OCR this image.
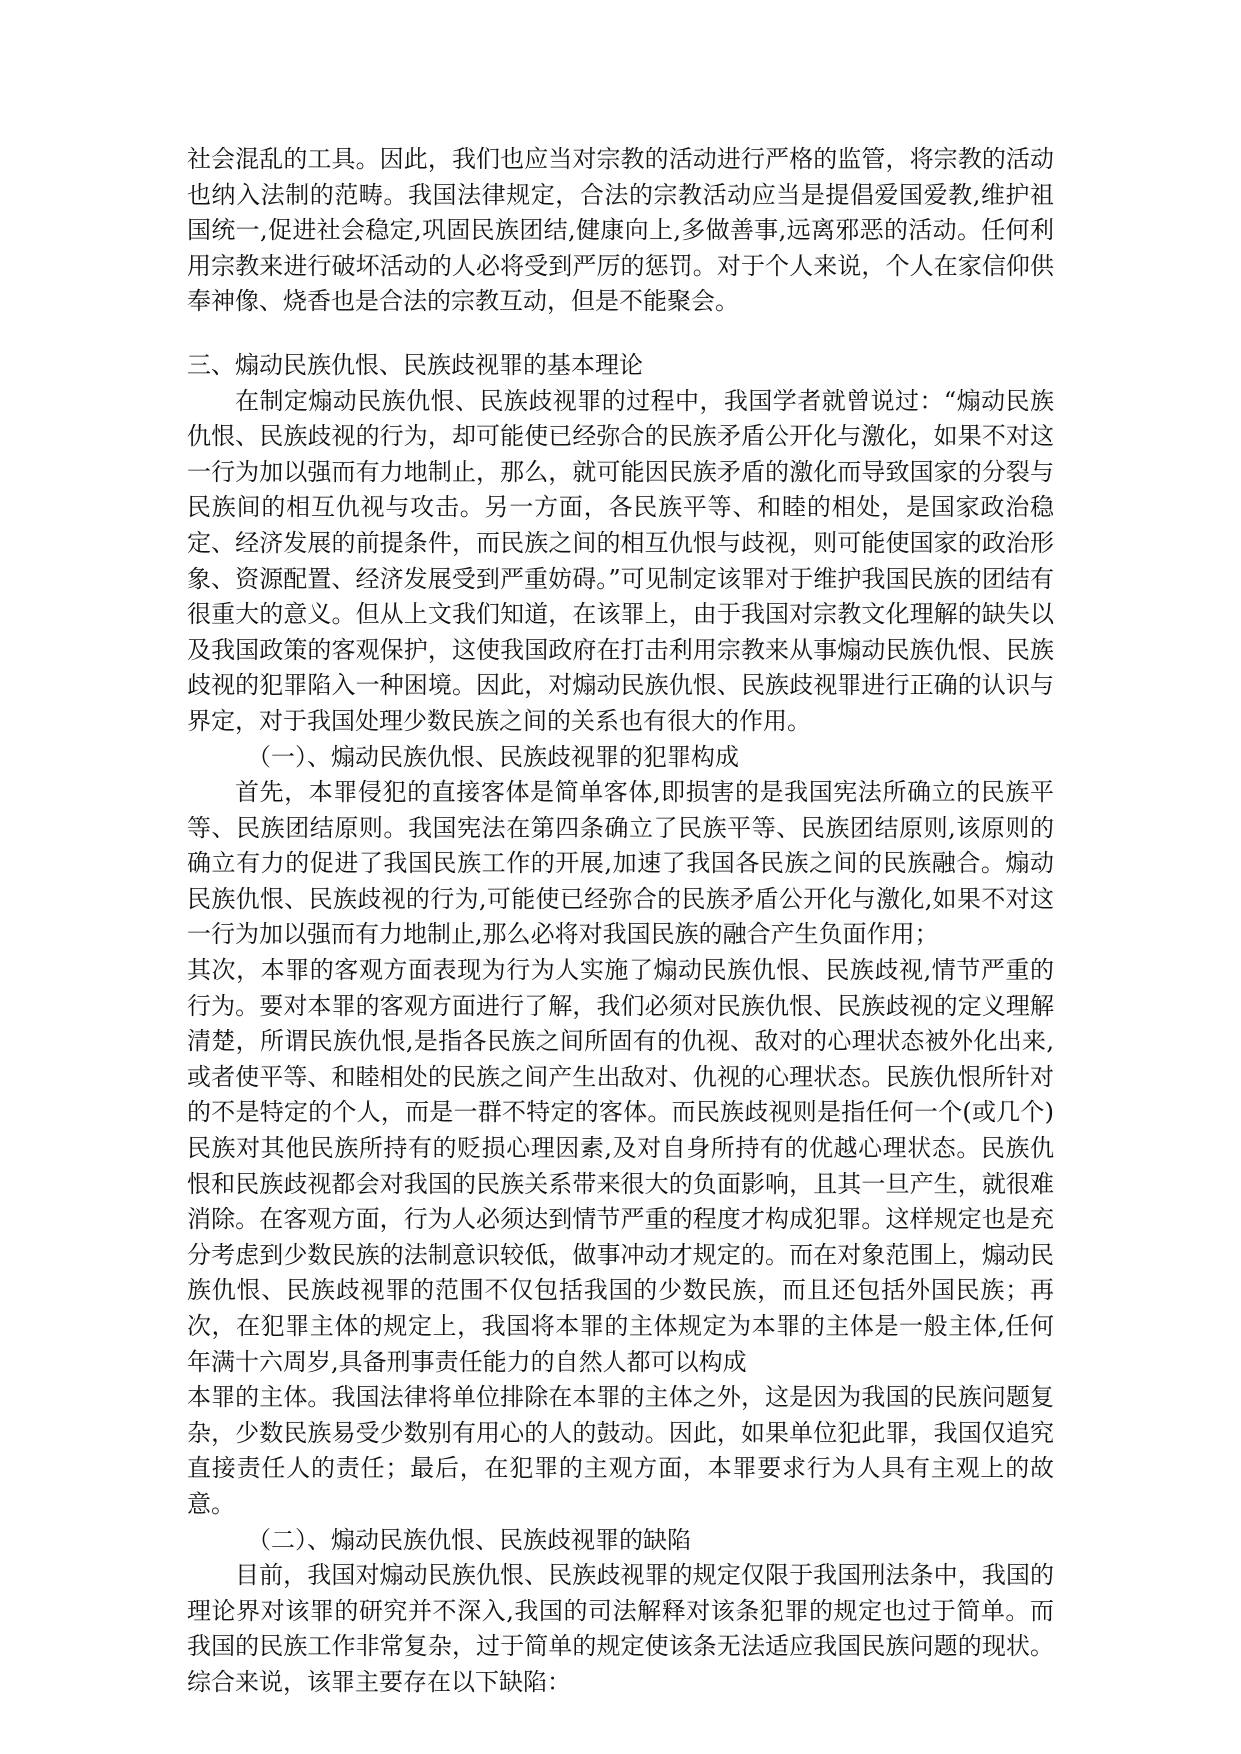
社会混乱的工具。因此，我们也应当对宗教的活动进行严格的监管，将宗教的活动也纳入法制的范畴。我国法律规定，合法的宗教活动应当是提倡爱国爱教,维护祖国统一,促进社会稳定,巩固民族团结,健康向上,多做善事,远离邪恶的活动。任何利用宗教来进行破坏活动的人必将受到严厉的惩罚。对于个人来说，个人在家信仰供奉神像、烧香也是合法的宗教互动，但是不能聚会。

三、煽动民族仇恨、民族歧视罪的基本理论

在制定煽动民族仇恨、民族歧视罪的过程中，我国学者就曾说过：“煽动民族仇恨、民族歧视的行为，却可能使已经弥合的民族矛盾公开化与激化，如果不对这一行为加以强而有力地制止，那么，就可能因民族矛盾的激化而导致国家的分裂与民族间的相互仇视与攻击。另一方面，各民族平等、和睦的相处，是国家政治稳定、经济发展的前提条件，而民族之间的相互仇恨与歧视，则可能使国家的政治形象、资源配置、经济发展受到严重妨碍。”可见制定该罪对于维护我国民族的团结有很重大的意义。但从上文我们知道，在该罪上，由于我国对宗教文化理解的缺失以及我国政策的客观保护，这使我国政府在打击利用宗教来从事煽动民族仇恨、民族歧视的犯罪陷入一种困境。因此，对煽动民族仇恨、民族歧视罪进行正确的认识与界定，对于我国处理少数民族之间的关系也有很大的作用。

（一）、煽动民族仇恨、民族歧视罪的犯罪构成

首先，本罪侵犯的直接客体是简单客体,即损害的是我国宪法所确立的民族平等、民族团结原则。我国宪法在第四条确立了民族平等、民族团结原则,该原则的确立有力的促进了我国民族工作的开展,加速了我国各民族之间的民族融合。煽动民族仇恨、民族歧视的行为,可能使已经弥合的民族矛盾公开化与激化,如果不对这一行为加以强而有力地制止,那么必将对我国民族的融合产生负面作用；

其次，本罪的客观方面表现为行为人实施了煽动民族仇恨、民族歧视,情节严重的行为。要对本罪的客观方面进行了解，我们必须对民族仇恨、民族歧视的定义理解清楚，所谓民族仇恨,是指各民族之间所固有的仇视、敌对的心理状态被外化出来,或者使平等、和睦相处的民族之间产生出敌对、仇视的心理状态。民族仇恨所针对的不是特定的个人，而是一群不特定的客体。而民族歧视则是指任何一个(或几个)民族对其他民族所持有的贬损心理因素,及对自身所持有的优越心理状态。民族仇恨和民族歧视都会对我国的民族关系带来很大的负面影响，且其一旦产生，就很难消除。在客观方面，行为人必须达到情节严重的程度才构成犯罪。这样规定也是充分考虑到少数民族的法制意识较低，做事冲动才规定的。而在对象范围上，煽动民族仇恨、民族歧视罪的范围不仅包括我国的少数民族，而且还包括外国民族；再次，在犯罪主体的规定上，我国将本罪的主体规定为本罪的主体是一般主体,任何年满十六周岁,具备刑事责任能力的自然人都可以构成

本罪的主体。我国法律将单位排除在本罪的主体之外，这是因为我国的民族问题复杂，少数民族易受少数别有用心的人的鼓动。因此，如果单位犯此罪，我国仅追究直接责任人的责任；最后，在犯罪的主观方面，本罪要求行为人具有主观上的故意。

（二）、煽动民族仇恨、民族歧视罪的缺陷

目前，我国对煽动民族仇恨、民族歧视罪的规定仅限于我国刑法条中，我国的理论界对该罪的研究并不深入,我国的司法解释对该条犯罪的规定也过于简单。而我国的民族工作非常复杂，过于简单的规定使该条无法适应我国民族问题的现状。综合来说，该罪主要存在以下缺陷：
